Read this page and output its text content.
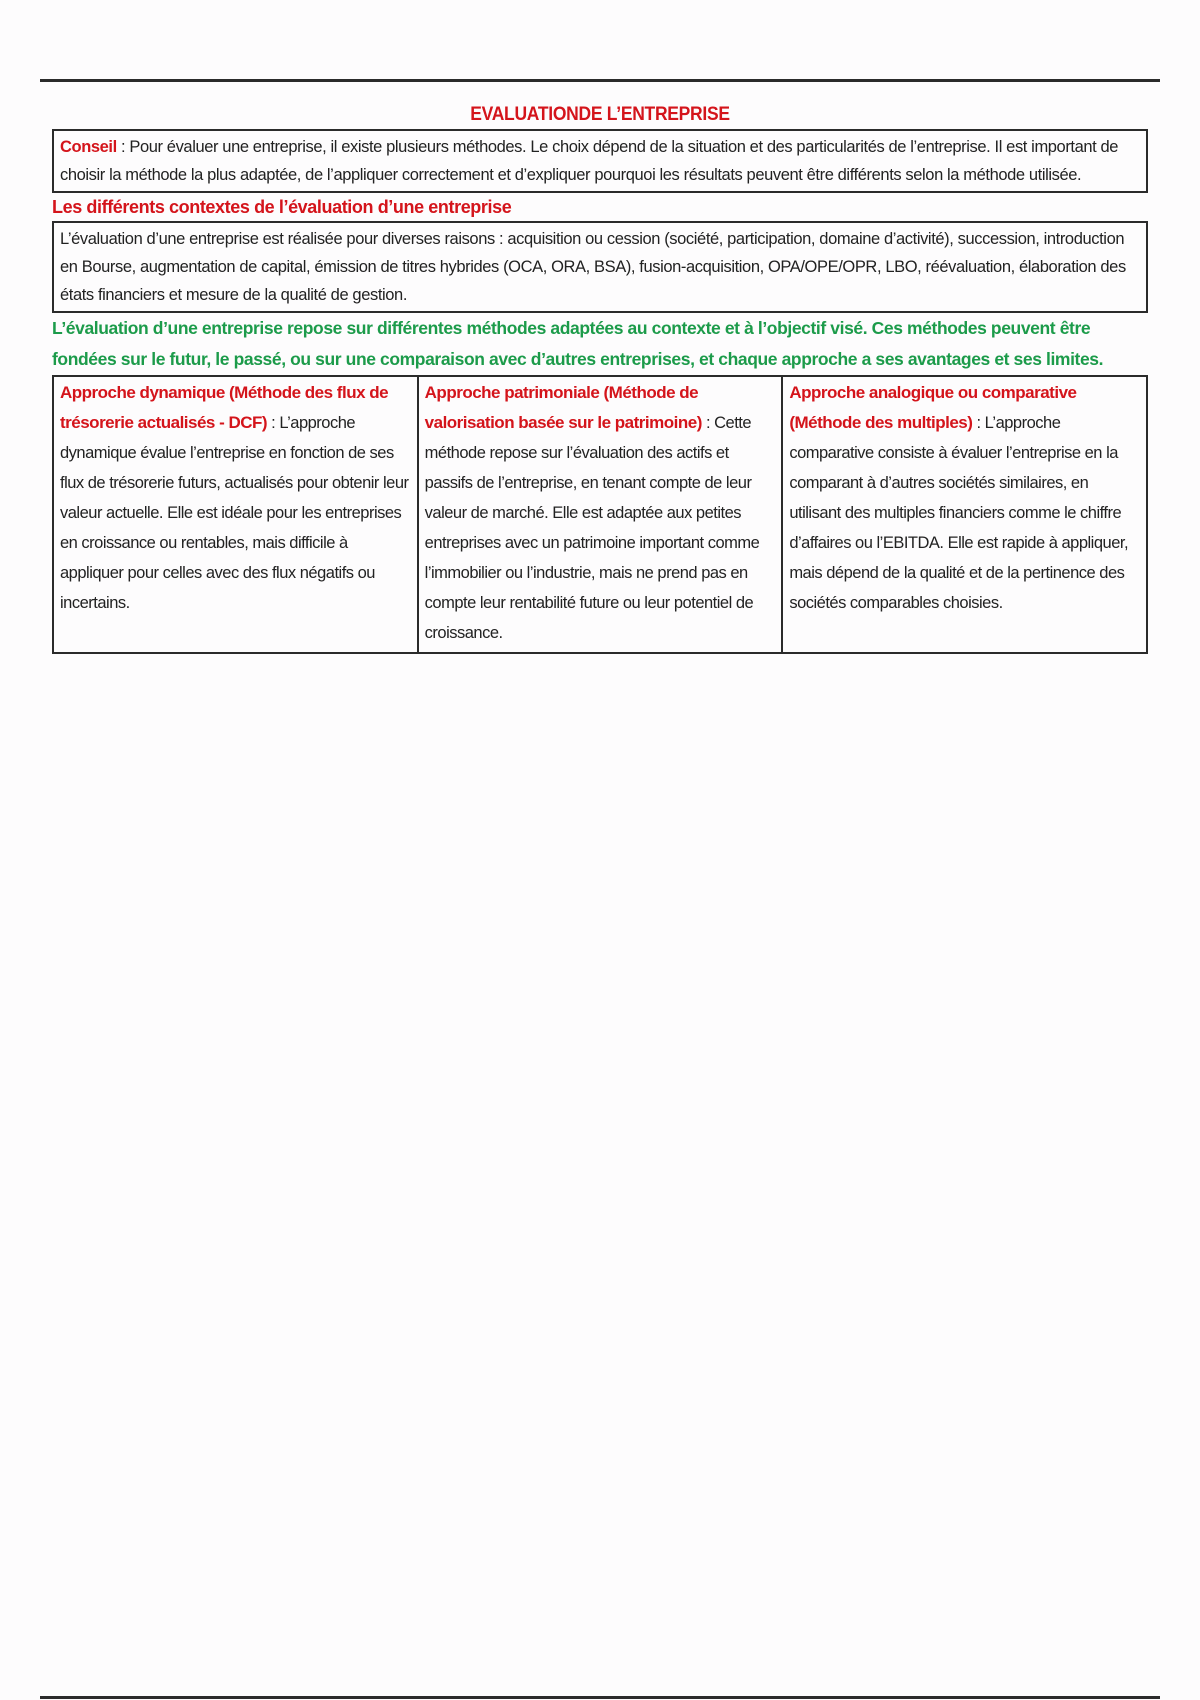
EVALUATIONDE L’ENTREPRISE
Conseil : Pour évaluer une entreprise, il existe plusieurs méthodes. Le choix dépend de la situation et des particularités de l’entreprise. Il est important de choisir la méthode la plus adaptée, de l’appliquer correctement et d’expliquer pourquoi les résultats peuvent être différents selon la méthode utilisée.
Les différents contextes de l’évaluation d’une entreprise
L’évaluation d’une entreprise est réalisée pour diverses raisons : acquisition ou cession (société, participation, domaine d’activité), succession, introduction en Bourse, augmentation de capital, émission de titres hybrides (OCA, ORA, BSA), fusion-acquisition, OPA/OPE/OPR, LBO, réévaluation, élaboration des états financiers et mesure de la qualité de gestion.

L’évaluation d’une entreprise repose sur différentes méthodes adaptées au contexte et à l’objectif visé. Ces méthodes peuvent être fondées sur le futur, le passé, ou sur une comparaison avec d’autres entreprises, et chaque approche a ses avantages et ses limites.

Approche dynamique (Méthode des flux de trésorerie actualisés - DCF) : L’approche dynamique évalue l’entreprise en fonction de ses flux de trésorerie futurs, actualisés pour obtenir leur valeur actuelle. Elle est idéale pour les entreprises en croissance ou rentables, mais difficile à appliquer pour celles avec des flux négatifs ou incertains.	Approche patrimoniale (Méthode de valorisation basée sur le patrimoine) : Cette méthode repose sur l’évaluation des actifs et passifs de l’entreprise, en tenant compte de leur valeur de marché. Elle est adaptée aux petites entreprises avec un patrimoine important comme l’immobilier ou l’industrie, mais ne prend pas en compte leur rentabilité future ou leur potentiel de croissance.	Approche analogique ou comparative (Méthode des multiples) : L’approche comparative consiste à évaluer l’entreprise en la comparant à d’autres sociétés similaires, en utilisant des multiples financiers comme le chiffre d’affaires ou l’EBITDA. Elle est rapide à appliquer, mais dépend de la qualité et de la pertinence des sociétés comparables choisies.
